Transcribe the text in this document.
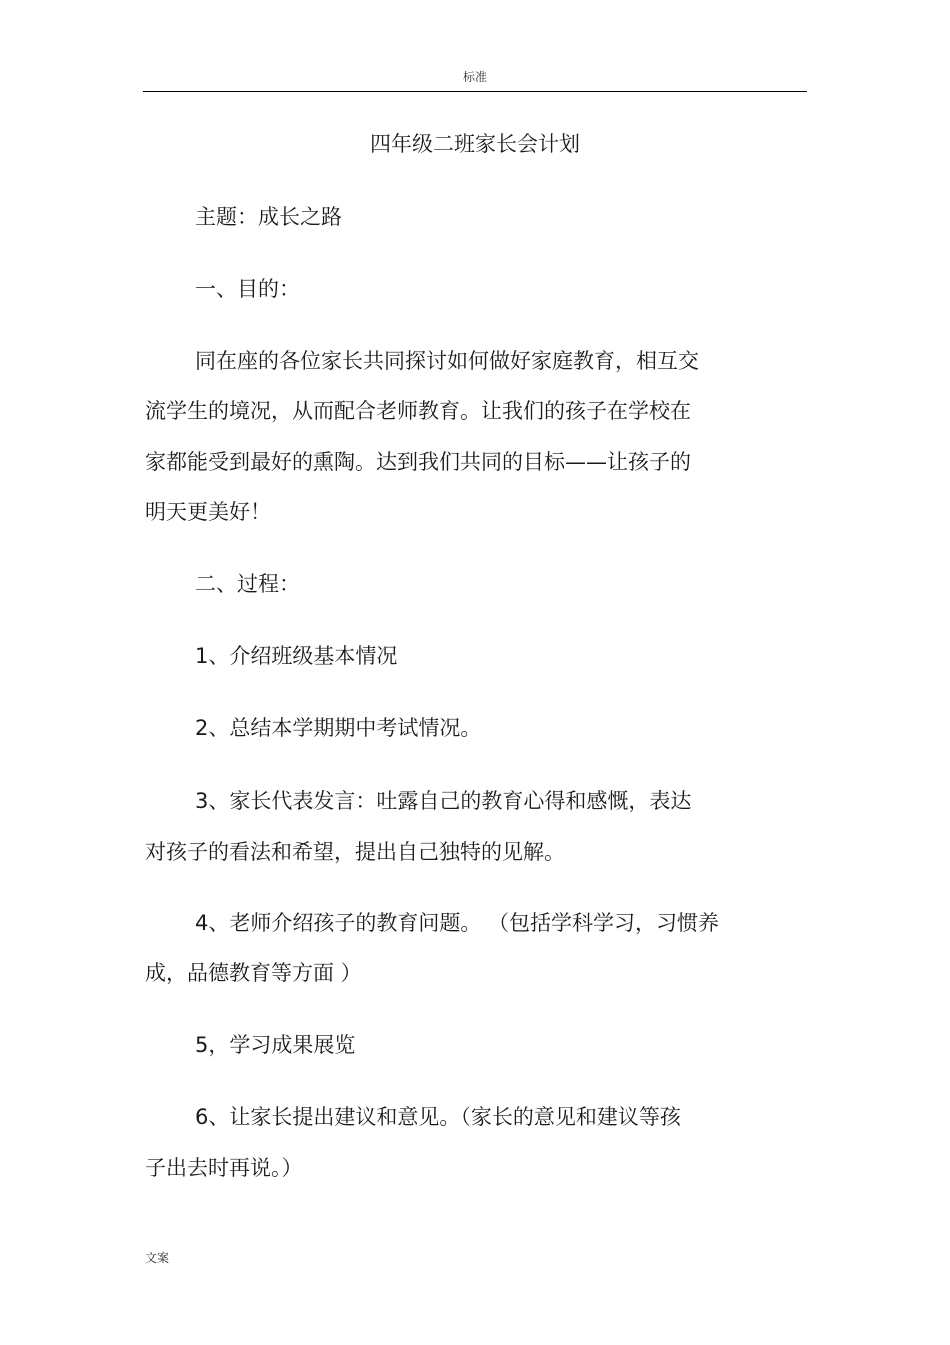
标准
四年级二班家长会计划
主题：成长之路
一、目的：
同在座的各位家长共同探讨如何做好家庭教育，相互交
流学生的境况，从而配合老师教育。让我们的孩子在学校在
家都能受到最好的熏陶。达到我们共同的目标——让孩子的
明天更美好！
二、过程：
1、介绍班级基本情况
2、总结本学期期中考试情况。
3、家长代表发言：吐露自己的教育心得和感慨，表达
对孩子的看法和希望，提出自己独特的见解。
4、老师介绍孩子的教育问题。 （包括学科学习，习惯养
成，品德教育等方面 ）
5，学习成果展览
6、让家长提出建议和意见。（家长的意见和建议等孩
子出去时再说。）
文案
